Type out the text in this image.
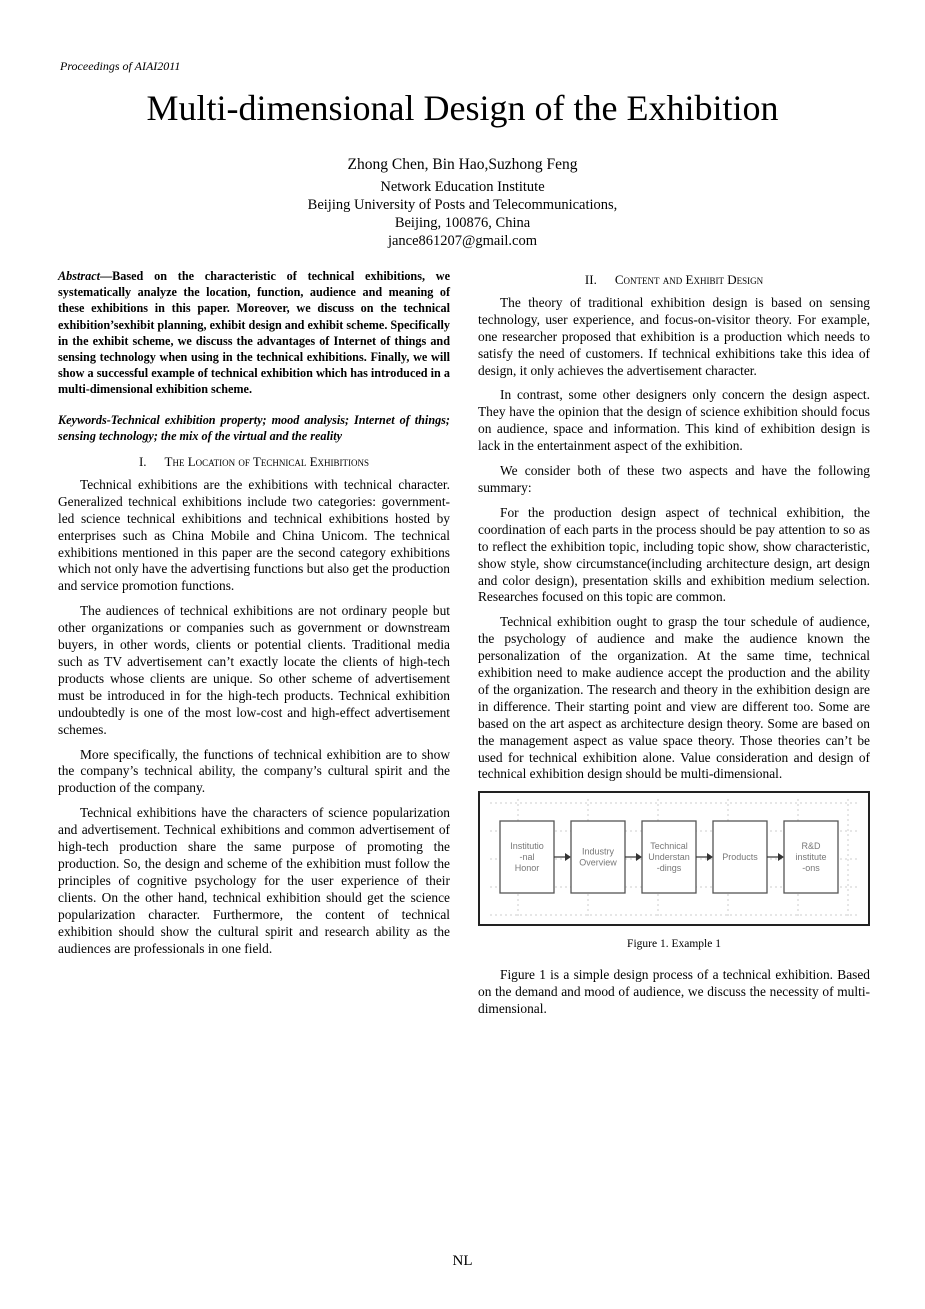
Proceedings of AIAI2011
Multi-dimensional Design of the Exhibition
Zhong Chen, Bin Hao,Suzhong Feng
Network Education Institute
Beijing University of Posts and Telecommunications,
Beijing, 100876, China
jance861207@gmail.com

Abstract—Based on the characteristic of technical exhibitions, we systematically analyze the location, function, audience and meaning of these exhibitions in this paper. Moreover, we discuss on the technical exhibition’sexhibit planning, exhibit design and exhibit scheme. Specifically in the exhibit scheme, we discuss the advantages of Internet of things and sensing technology when using in the technical exhibitions. Finally, we will show a successful example of technical exhibition which has introduced in a multi-dimensional exhibition scheme.

Keywords-Technical exhibition property; mood analysis; Internet of things; sensing technology; the mix of the virtual and the reality

I. The Location of Technical Exhibitions

Technical exhibitions are the exhibitions with technical character. Generalized technical exhibitions include two categories: government-led science technical exhibitions and technical exhibitions hosted by enterprises such as China Mobile and China Unicom. The technical exhibitions mentioned in this paper are the second category exhibitions which not only have the advertising functions but also get the production and service promotion functions.

The audiences of technical exhibitions are not ordinary people but other organizations or companies such as government or downstream buyers, in other words, clients or potential clients. Traditional media such as TV advertisement can’t exactly locate the clients of high-tech products whose clients are unique. So other scheme of advertisement must be introduced in for the high-tech products. Technical exhibition undoubtedly is one of the most low-cost and high-effect advertisement schemes.

More specifically, the functions of technical exhibition are to show the company’s technical ability, the company’s cultural spirit and the production of the company.

Technical exhibitions have the characters of science popularization and advertisement. Technical exhibitions and common advertisement of high-tech production share the same purpose of promoting the production. So, the design and scheme of the exhibition must follow the principles of cognitive psychology for the user experience of their clients. On the other hand, technical exhibition should get the science popularization character. Furthermore, the content of technical exhibition should show the cultural spirit and research ability as the audiences are professionals in one field.

II. Content and Exhibit Design

The theory of traditional exhibition design is based on sensing technology, user experience, and focus-on-visitor theory. For example, one researcher proposed that exhibition is a production which needs to satisfy the need of customers. If technical exhibitions take this idea of design, it only achieves the advertisement character.

In contrast, some other designers only concern the design aspect. They have the opinion that the design of science exhibition should focus on audience, space and information. This kind of exhibition design is lack in the entertainment aspect of the exhibition.

We consider both of these two aspects and have the following summary:

For the production design aspect of technical exhibition, the coordination of each parts in the process should be pay attention to so as to reflect the exhibition topic, including topic show, show characteristic, show style, show circumstance(including architecture design, art design and color design), presentation skills and exhibition medium selection. Researches focused on this topic are common.

Technical exhibition ought to grasp the tour schedule of audience, the psychology of audience and make the audience known the personalization of the organization. At the same time, technical exhibition need to make audience accept the production and the ability of the organization. The research and theory in the exhibition design are in difference. Their starting point and view are different too. Some are based on the art aspect as architecture design theory. Some are based on the management aspect as value space theory. Those theories can’t be used for technical exhibition alone. Value consideration and design of technical exhibition design should be multi-dimensional.

Institutio
-nal
Honor
Industry
Overview
Technical
Understan
-dings
Products
R&D
institute
-ons
Figure 1. Example 1

Figure 1 is a simple design process of a technical exhibition. Based on the demand and mood of audience, we discuss the necessity of multi-dimensional.

NL
